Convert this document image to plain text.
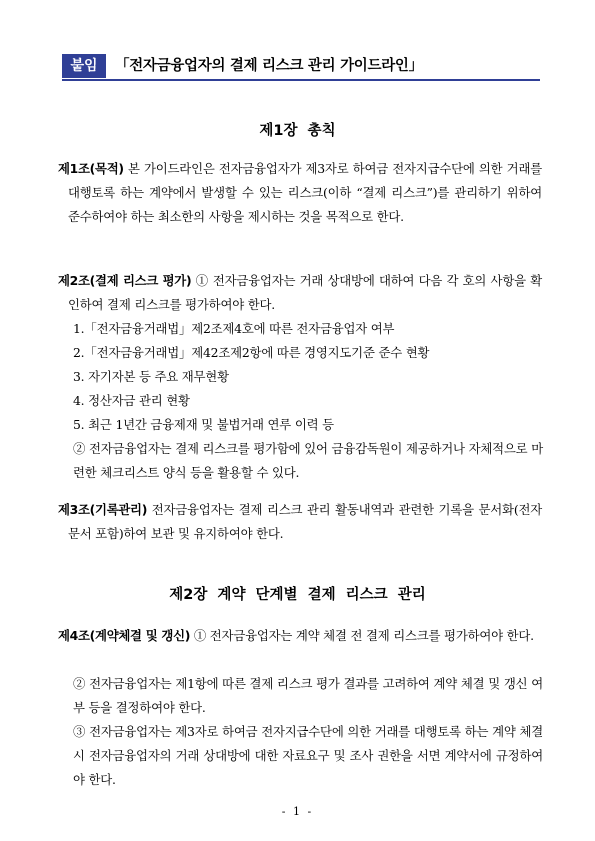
붙임	「전자금융업자의 결제 리스크 관리 가이드라인」
제1장 총칙
제1조(목적) 본 가이드라인은 전자금융업자가 제3자로 하여금 전자지급수단에 의한 거래를 대행토록 하는 계약에서 발생할 수 있는 리스크(이하 “결제 리스크”)를 관리하기 위하여 준수하여야 하는 최소한의 사항을 제시하는 것을 목적으로 한다.
제2조(결제 리스크 평가) ① 전자금융업자는 거래 상대방에 대하여 다음 각 호의 사항을 확인하여 결제 리스크를 평가하여야 한다.
1.「전자금융거래법」제2조제4호에 따른 전자금융업자 여부
2.「전자금융거래법」제42조제2항에 따른 경영지도기준 준수 현황
3. 자기자본 등 주요 재무현황
4. 정산자금 관리 현황
5. 최근 1년간 금융제재 및 불법거래 연루 이력 등
② 전자금융업자는 결제 리스크를 평가함에 있어 금융감독원이 제공하거나 자체적으로 마련한 체크리스트 양식 등을 활용할 수 있다.
제3조(기록관리) 전자금융업자는 결제 리스크 관리 활동내역과 관련한 기록을 문서화(전자문서 포함)하여 보관 및 유지하여야 한다.
제2장 계약 단계별 결제 리스크 관리
제4조(계약체결 및 갱신) ① 전자금융업자는 계약 체결 전 결제 리스크를 평가하여야 한다.
② 전자금융업자는 제1항에 따른 결제 리스크 평가 결과를 고려하여 계약 체결 및 갱신 여부 등을 결정하여야 한다.
③ 전자금융업자는 제3자로 하여금 전자지급수단에 의한 거래를 대행토록 하는 계약 체결시 전자금융업자의 거래 상대방에 대한 자료요구 및 조사 권한을 서면 계약서에 규정하여야 한다.
- 1 -
